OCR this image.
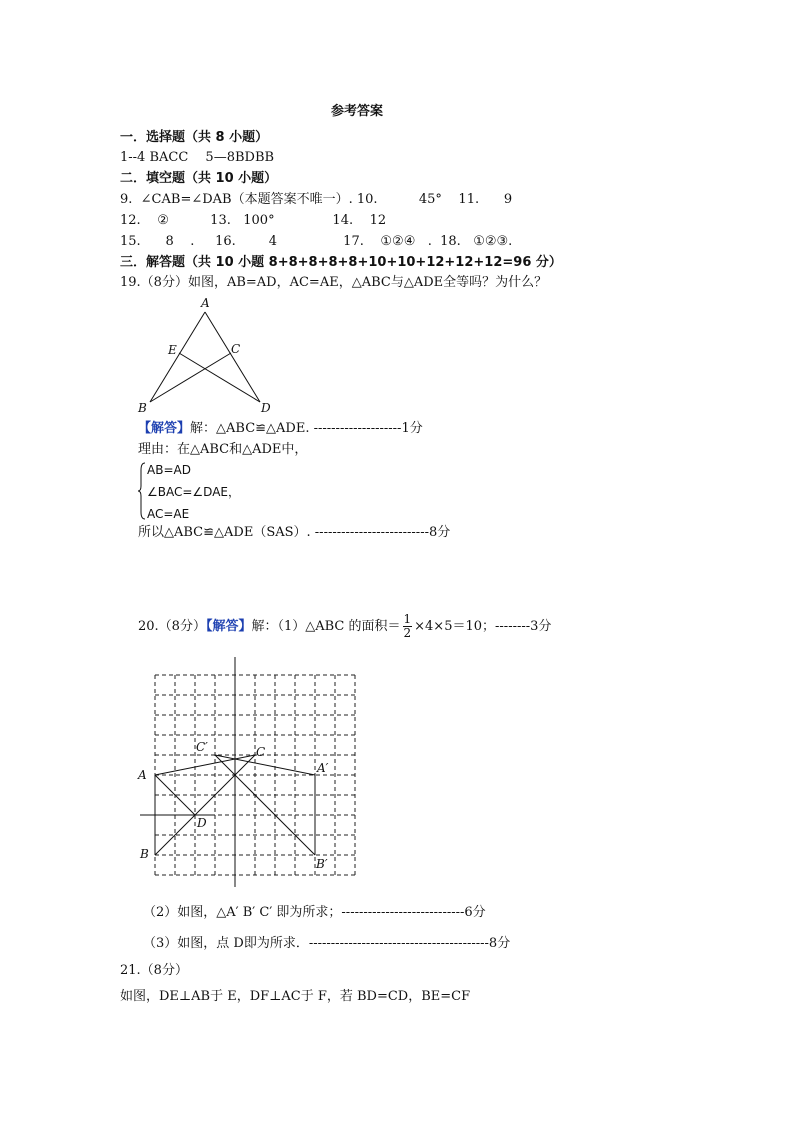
参考答案
一．选择题（共 8 小题）
1--4 BACC　 5—8BDBB
二．填空题（共 10 小题）
9.  ∠CAB=∠DAB（本题答案不唯一）. 10.          45°    11.      9
12.    ②          13.   100°              14.    12
15.      8    .     16.        4                17.    ①②④   .  18.   ①②③.
三．解答题（共 10 小题 8+8+8+8+8+10+10+12+12+12=96 分）
19.（8分）如图，AB=AD，AC=AE，△ABC与△ADE全等吗？为什么？
A
E	C
B	D
【解答】解：△ABC≌△ADE. --------------------1分
理由：在△ABC和△ADE中，
AB=AD
∠BAC=∠DAE，
AC=AE
所以△ABC≌△ADE（SAS）. --------------------------8分
20.（8分）【解答】解：（1）△ABC 的面积＝ $\frac{1}{2} \times 4\times 5=10$；--------3分
C′	C
A	A′
D
B
B′
（2）如图，△A′ B′ C′ 即为所求；----------------------------6分
（3）如图，点 D即为所求．-----------------------------------------8分
21.（8分）
如图，DE⊥AB于 E，DF⊥AC于 F，若 BD=CD，BE=CF
